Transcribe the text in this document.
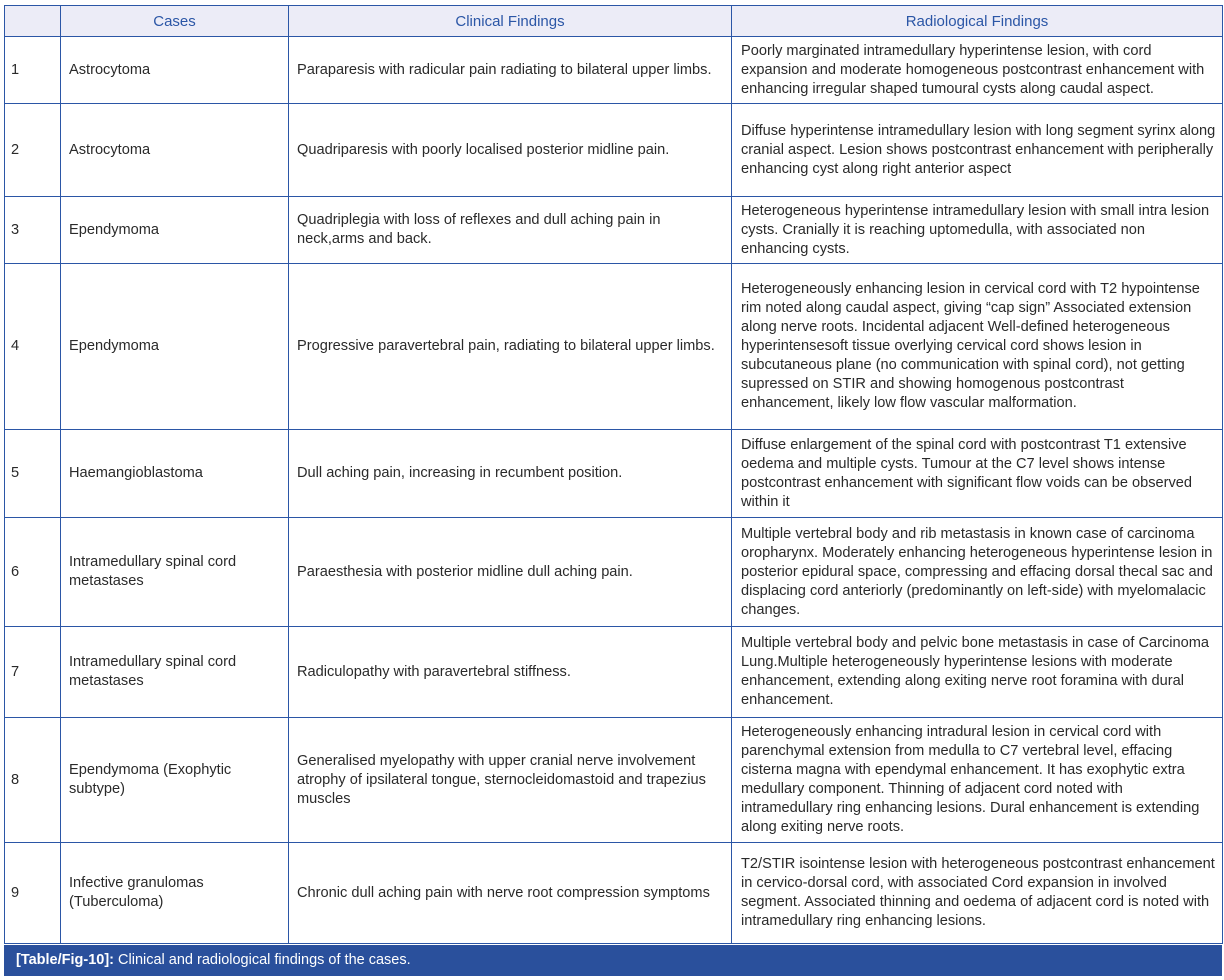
	Cases	Clinical Findings	Radiological Findings
1	Astrocytoma	Paraparesis with radicular pain radiating to bilateral upper limbs.	Poorly marginated intramedullary hyperintense lesion, with cord expansion and moderate homogeneous postcontrast enhancement with enhancing irregular shaped tumoural cysts along caudal aspect.
2	Astrocytoma	Quadriparesis with poorly localised posterior midline pain.	Diffuse hyperintense intramedullary lesion with long segment syrinx along cranial aspect. Lesion shows postcontrast enhancement with peripherally enhancing cyst along right anterior aspect
3	Ependymoma	Quadriplegia with loss of reflexes and dull aching pain in neck,arms and back.	Heterogeneous hyperintense intramedullary lesion with small intra lesion cysts. Cranially it is reaching uptomedulla, with associated non enhancing cysts.
4	Ependymoma	Progressive paravertebral pain, radiating to bilateral upper limbs.	Heterogeneously enhancing lesion in cervical cord with T2 hypointense rim noted along caudal aspect, giving “cap sign” Associated extension along nerve roots. Incidental adjacent Well-defined heterogeneous hyperintensesoft tissue overlying cervical cord shows lesion in subcutaneous plane (no communication with spinal cord), not getting supressed on STIR and showing homogenous postcontrast enhancement, likely low flow vascular malformation.
5	Haemangioblastoma	Dull aching pain, increasing in recumbent position.	Diffuse enlargement of the spinal cord with postcontrast T1 extensive oedema and multiple cysts. Tumour at the C7 level shows intense postcontrast enhancement with significant flow voids can be observed within it
6	Intramedullary spinal cord metastases	Paraesthesia with posterior midline dull aching pain.	Multiple vertebral body and rib metastasis in known case of carcinoma oropharynx. Moderately enhancing heterogeneous hyperintense lesion in posterior epidural space, compressing and effacing dorsal thecal sac and displacing cord anteriorly (predominantly on left-side) with myelomalacic changes.
7	Intramedullary spinal cord metastases	Radiculopathy with paravertebral stiffness.	Multiple vertebral body and pelvic bone metastasis in case of Carcinoma Lung.Multiple heterogeneously hyperintense lesions with moderate enhancement, extending along exiting nerve root foramina with dural enhancement.
8	Ependymoma (Exophytic subtype)	Generalised myelopathy with upper cranial nerve involvement atrophy of ipsilateral tongue, sternocleidomastoid and trapezius muscles	Heterogeneously enhancing intradural lesion in cervical cord with parenchymal extension from medulla to C7 vertebral level, effacing cisterna magna with ependymal enhancement. It has exophytic extra medullary component. Thinning of adjacent cord noted with intramedullary ring enhancing lesions. Dural enhancement is extending along exiting nerve roots.
9	Infective granulomas (Tuberculoma)	Chronic dull aching pain with nerve root compression symptoms	T2/STIR isointense lesion with heterogeneous postcontrast enhancement in cervico-dorsal cord, with associated Cord expansion in involved segment. Associated thinning and oedema of adjacent cord is noted with intramedullary ring enhancing lesions.
[Table/Fig-10]: Clinical and radiological findings of the cases.
